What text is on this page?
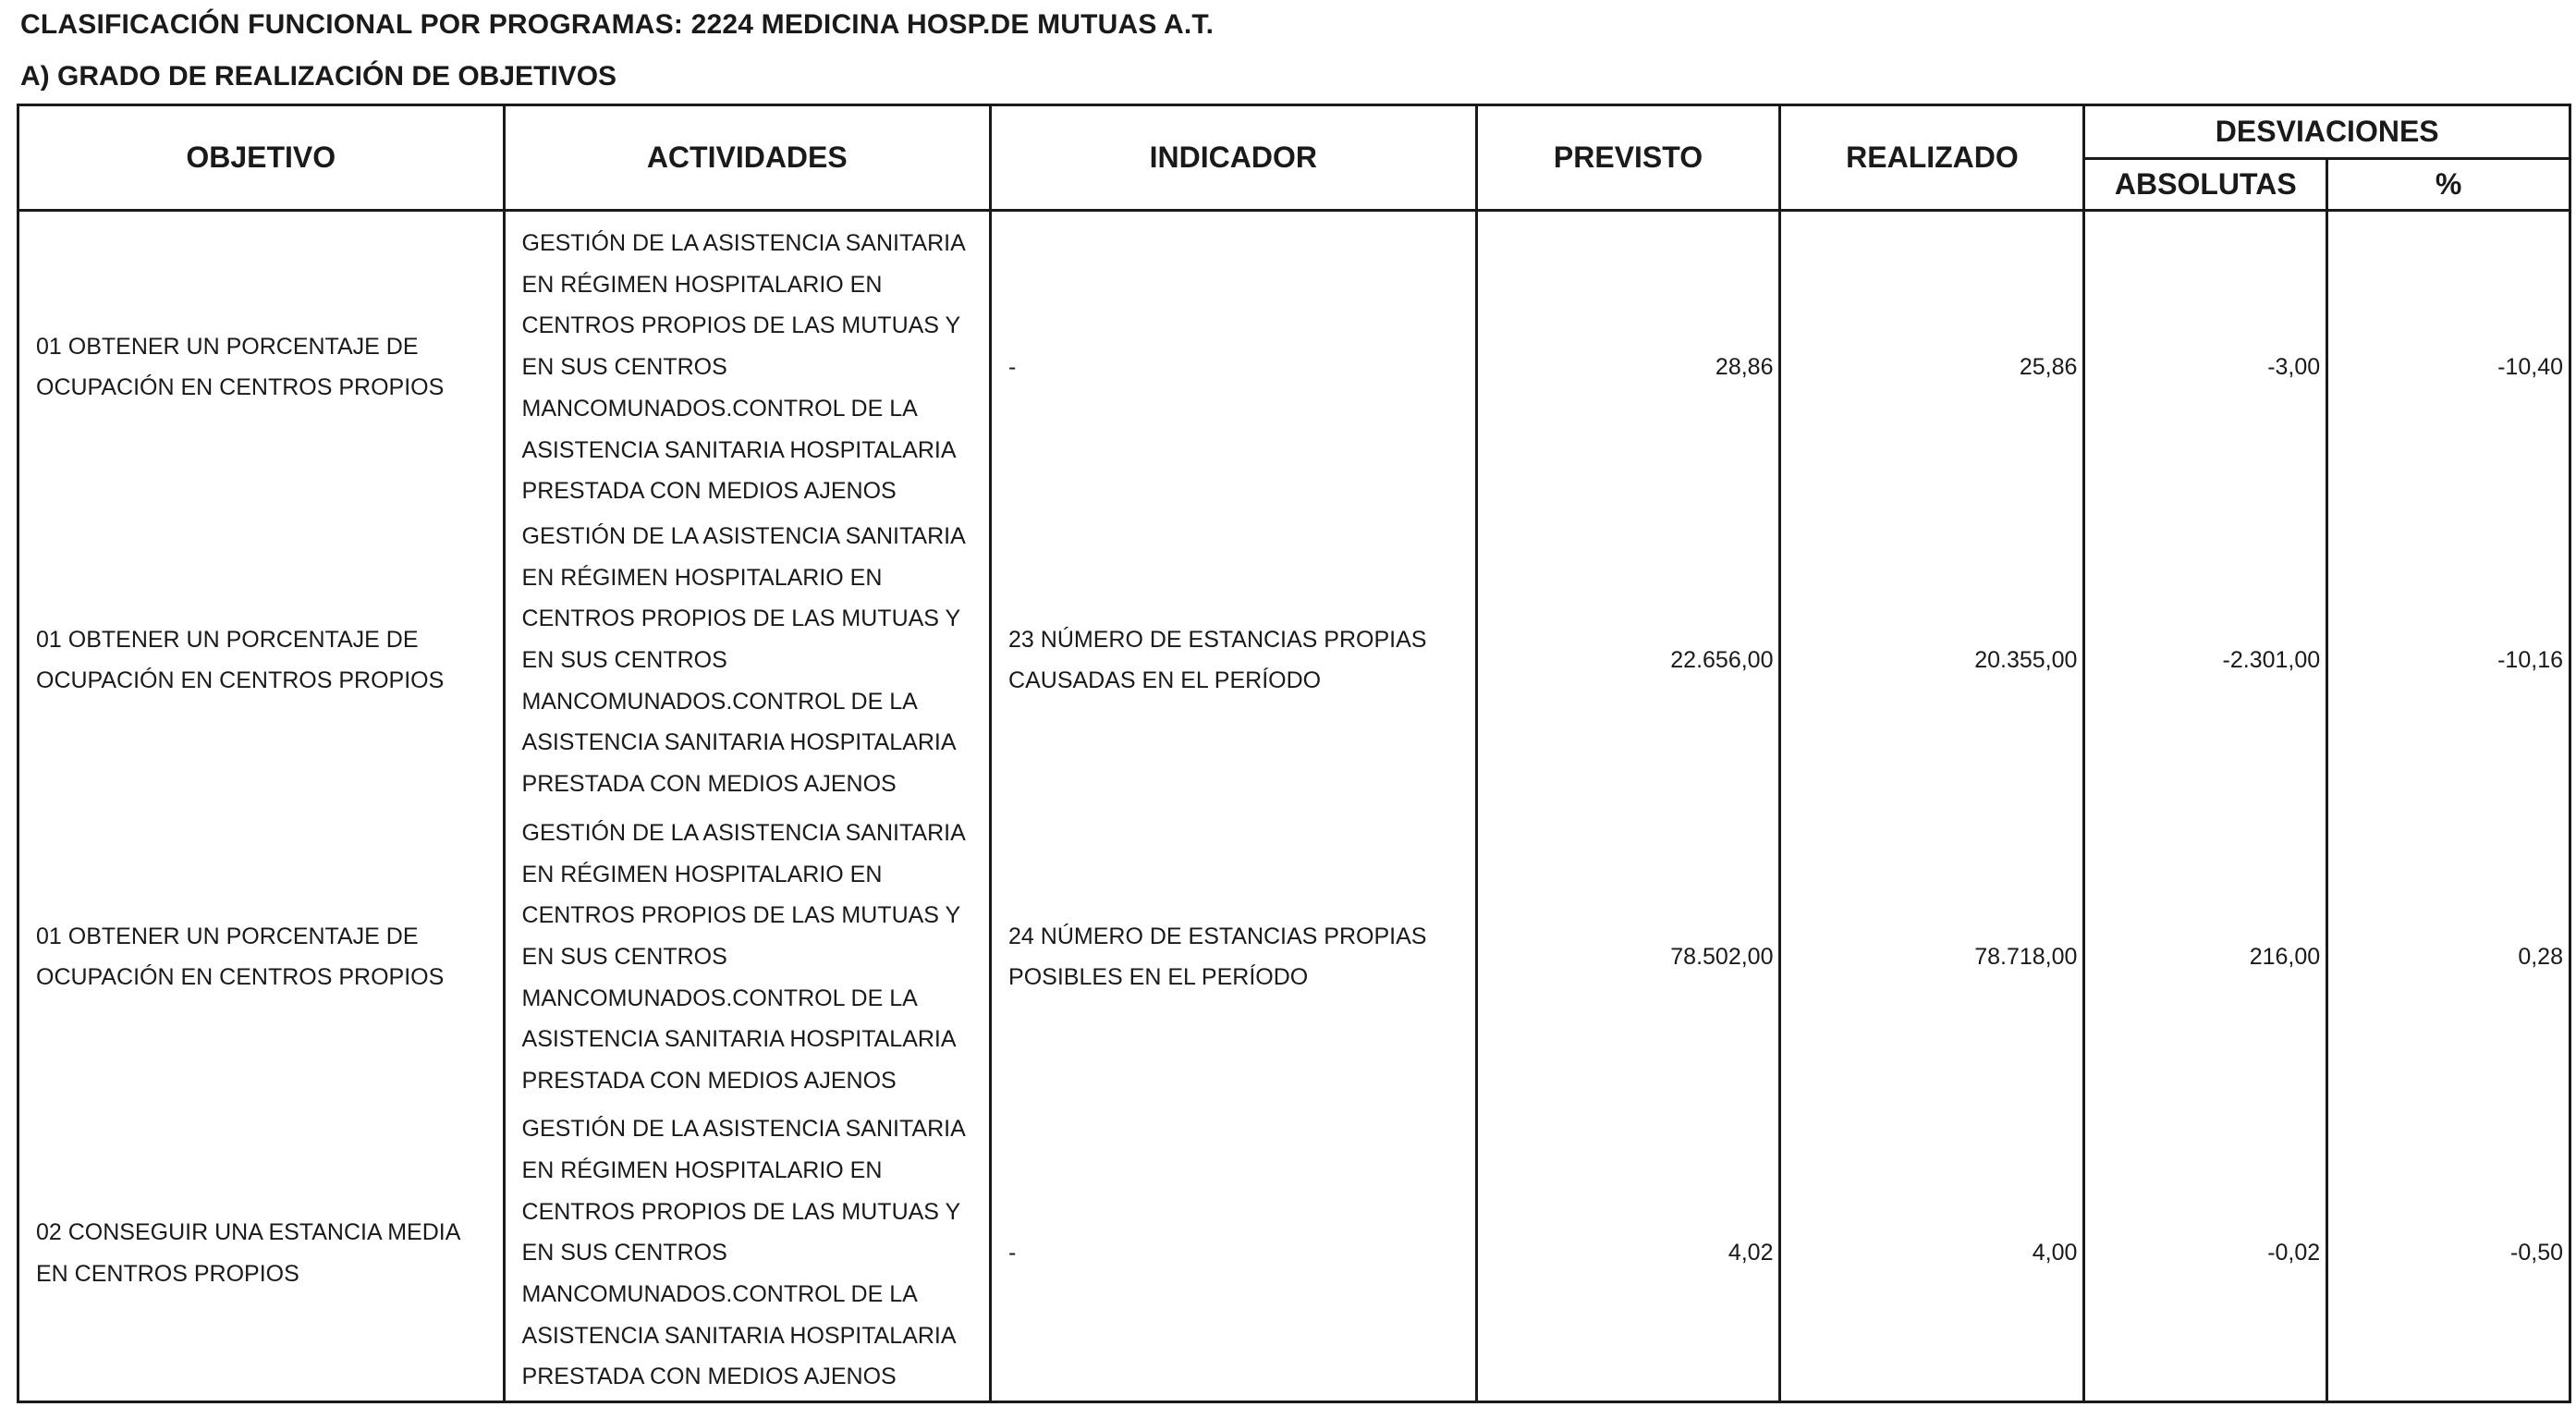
CLASIFICACIÓN FUNCIONAL POR PROGRAMAS: 2224 MEDICINA HOSP.DE MUTUAS A.T.
A) GRADO DE REALIZACIÓN DE OBJETIVOS
OBJETIVO	ACTIVIDADES	INDICADOR	PREVISTO	REALIZADO	DESVIACIONES	
					ABSOLUTAS	%

01 OBTENER UN PORCENTAJE DE OCUPACIÓN EN CENTROS PROPIOS	GESTIÓN DE LA ASISTENCIA SANITARIA EN RÉGIMEN HOSPITALARIO EN CENTROS PROPIOS DE LAS MUTUAS Y EN SUS CENTROS MANCOMUNADOS.CONTROL DE LA ASISTENCIA SANITARIA HOSPITALARIA PRESTADA CON MEDIOS AJENOS	-	28,86	25,86	-3,00	-10,40

01 OBTENER UN PORCENTAJE DE OCUPACIÓN EN CENTROS PROPIOS	GESTIÓN DE LA ASISTENCIA SANITARIA EN RÉGIMEN HOSPITALARIO EN CENTROS PROPIOS DE LAS MUTUAS Y EN SUS CENTROS MANCOMUNADOS.CONTROL DE LA ASISTENCIA SANITARIA HOSPITALARIA PRESTADA CON MEDIOS AJENOS	23 NÚMERO DE ESTANCIAS PROPIAS CAUSADAS EN EL PERÍODO	22.656,00	20.355,00	-2.301,00	-10,16

01 OBTENER UN PORCENTAJE DE OCUPACIÓN EN CENTROS PROPIOS	GESTIÓN DE LA ASISTENCIA SANITARIA EN RÉGIMEN HOSPITALARIO EN CENTROS PROPIOS DE LAS MUTUAS Y EN SUS CENTROS MANCOMUNADOS.CONTROL DE LA ASISTENCIA SANITARIA HOSPITALARIA PRESTADA CON MEDIOS AJENOS	24 NÚMERO DE ESTANCIAS PROPIAS POSIBLES EN EL PERÍODO	78.502,00	78.718,00	216,00	0,28

02 CONSEGUIR UNA ESTANCIA MEDIA EN CENTROS PROPIOS	GESTIÓN DE LA ASISTENCIA SANITARIA EN RÉGIMEN HOSPITALARIO EN CENTROS PROPIOS DE LAS MUTUAS Y EN SUS CENTROS MANCOMUNADOS.CONTROL DE LA ASISTENCIA SANITARIA HOSPITALARIA PRESTADA CON MEDIOS AJENOS	-	4,02	4,00	-0,02	-0,50
